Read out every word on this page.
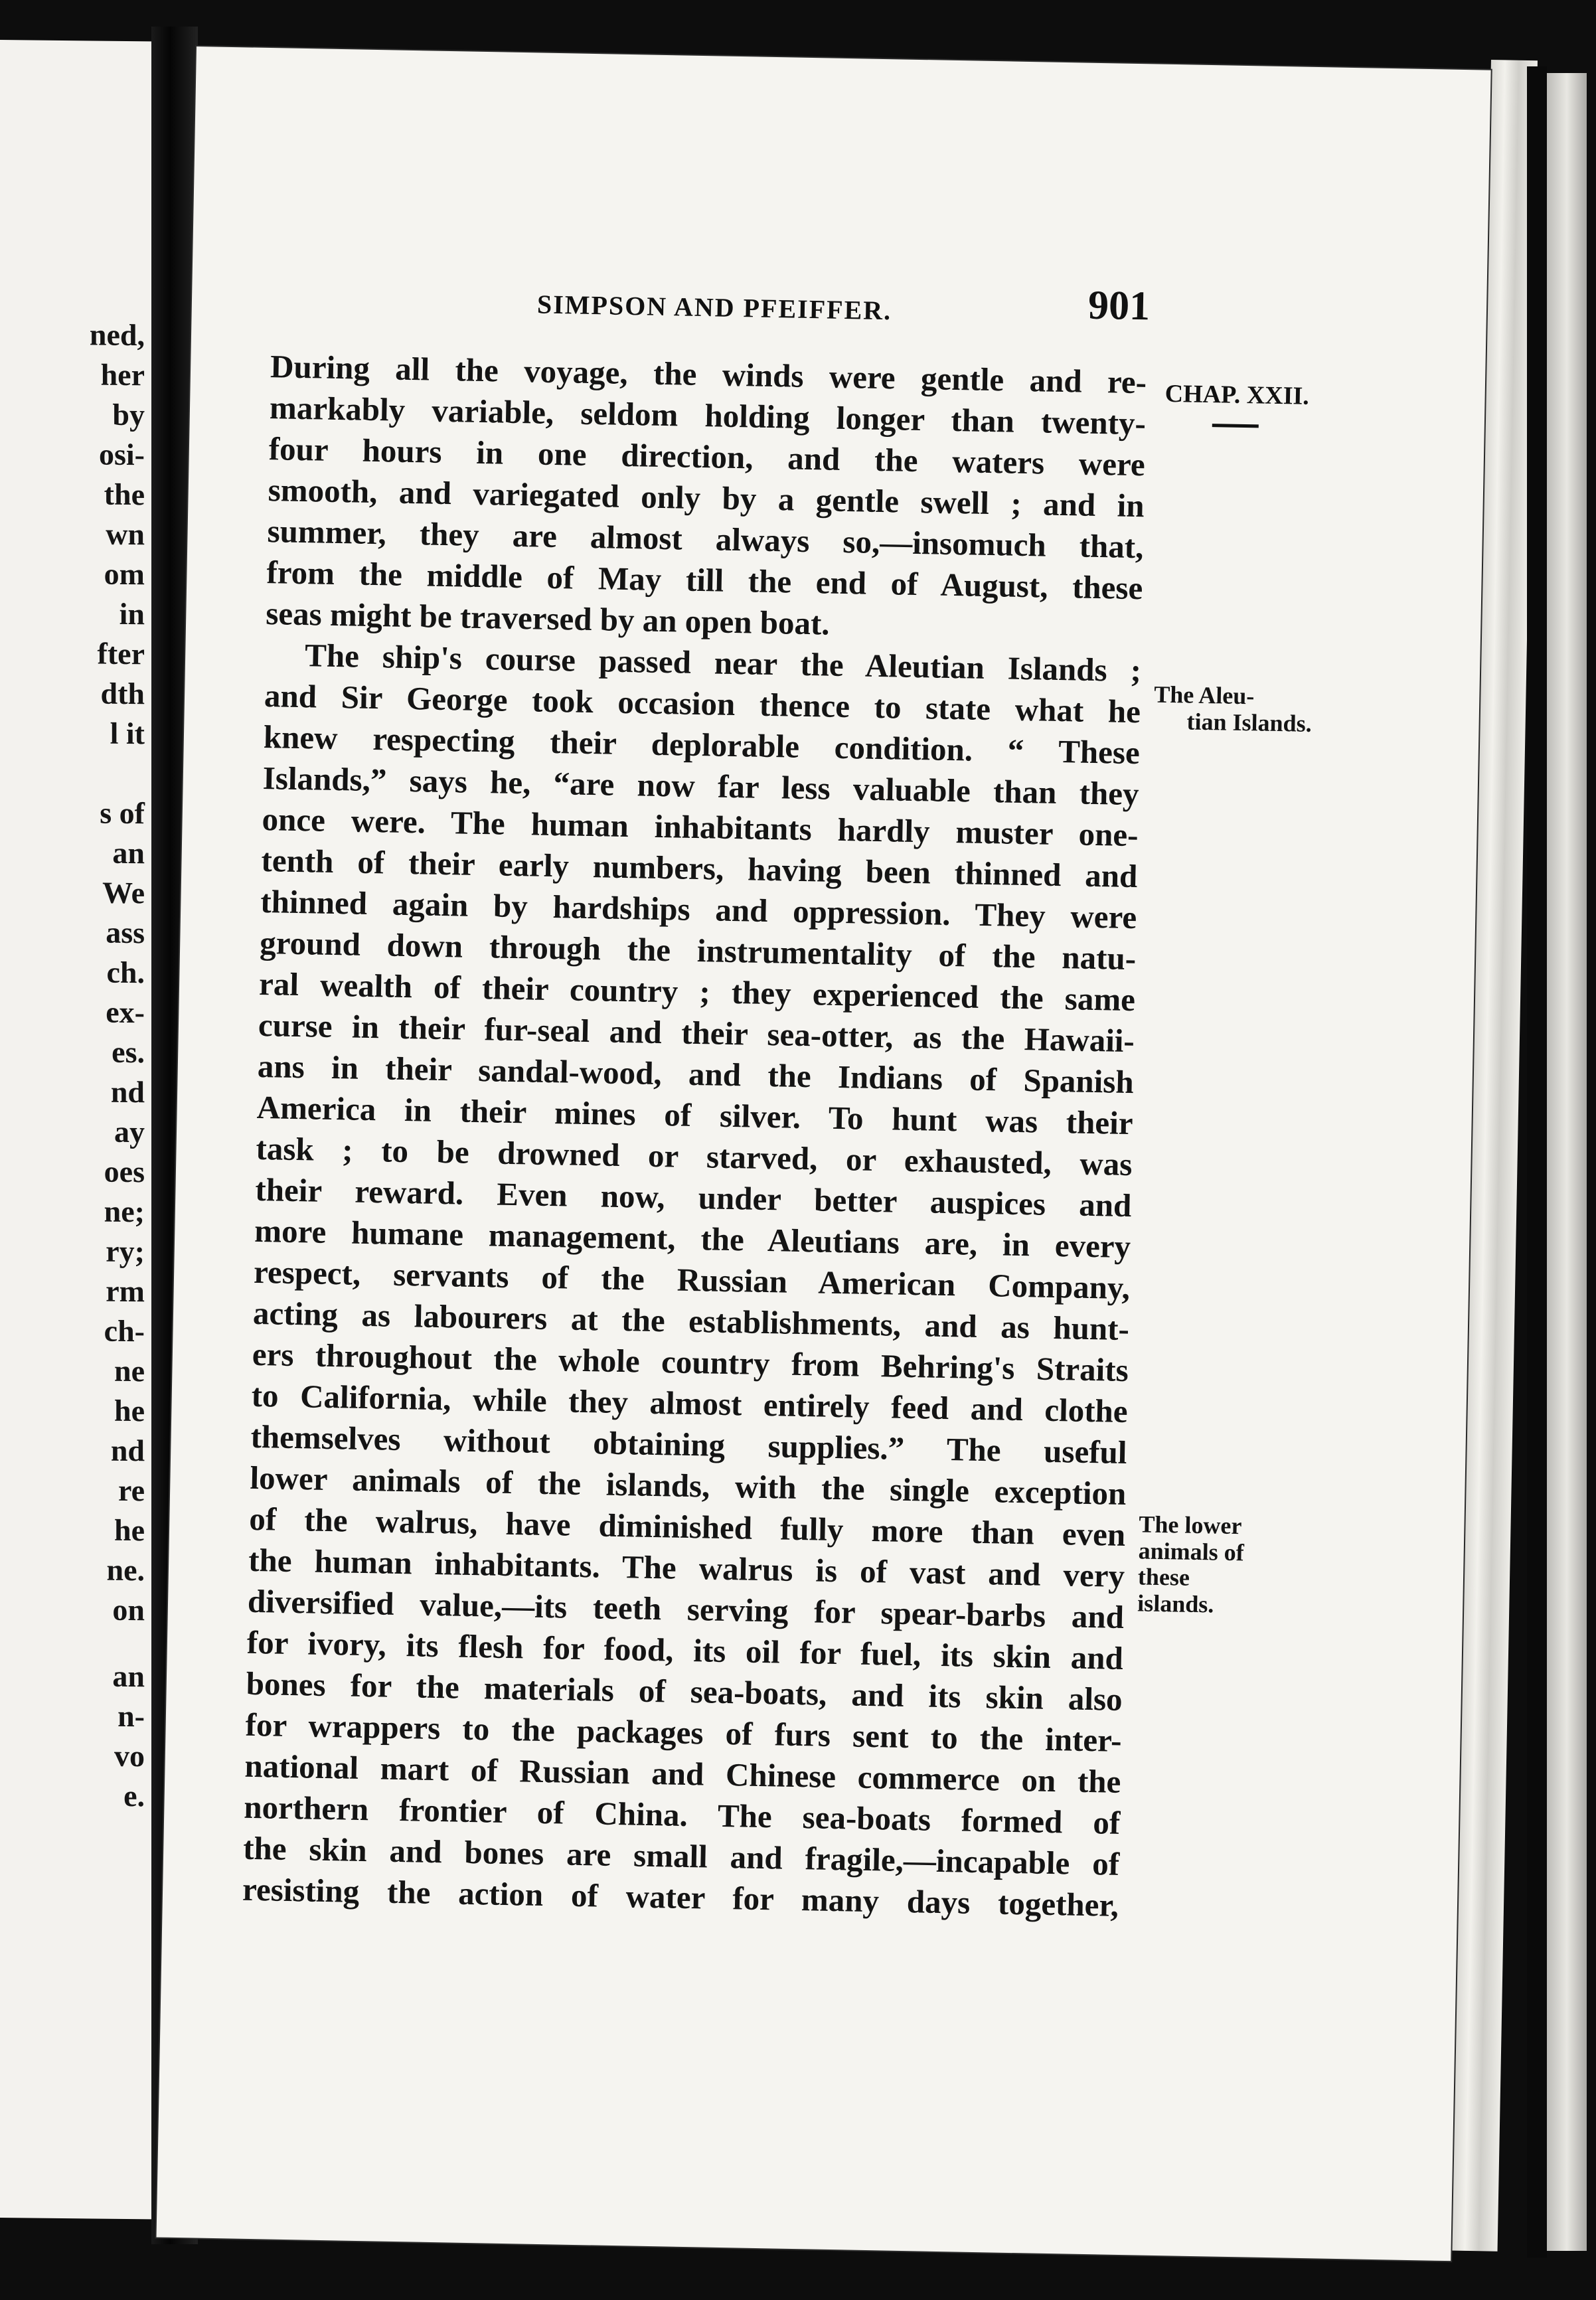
ned,
her
by
osi-
the
wn
om
in
fter
dth
l it
s of
an
We
ass
ch.
ex-
es.
nd
ay
oes
ne;
ry;
rm
ch-
ne
he
nd
re
he
ne.
on
an
n-
vo
e.
SIMPSON AND PFEIFFER.	901
CHAP. XXII.
​
The Aleu-
tian Islands.
The lower
animals of
these
islands.
During all the voyage, the winds were gentle and re-
markably variable, seldom holding longer than twenty-
four hours in one direction, and the waters were
smooth, and variegated only by a gentle swell ; and in
summer, they are almost always so,—insomuch that,
from the middle of May till the end of August, these
seas might be traversed by an open boat.
The ship's course passed near the Aleutian Islands ;
and Sir George took occasion thence to state what he
knew respecting their deplorable condition. “ These
Islands,” says he, “are now far less valuable than they
once were. The human inhabitants hardly muster one-
tenth of their early numbers, having been thinned and
thinned again by hardships and oppression. They were
ground down through the instrumentality of the natu-
ral wealth of their country ; they experienced the same
curse in their fur-seal and their sea-otter, as the Hawaii-
ans in their sandal-wood, and the Indians of Spanish
America in their mines of silver. To hunt was their
task ; to be drowned or starved, or exhausted, was
their reward. Even now, under better auspices and
more humane management, the Aleutians are, in every
respect, servants of the Russian American Company,
acting as labourers at the establishments, and as hunt-
ers throughout the whole country from Behring's Straits
to California, while they almost entirely feed and clothe
themselves without obtaining supplies.” The useful
lower animals of the islands, with the single exception
of the walrus, have diminished fully more than even
the human inhabitants. The walrus is of vast and very
diversified value,—its teeth serving for spear-barbs and
for ivory, its flesh for food, its oil for fuel, its skin and
bones for the materials of sea-boats, and its skin also
for wrappers to the packages of furs sent to the inter-
national mart of Russian and Chinese commerce on the
northern frontier of China. The sea-boats formed of
the skin and bones are small and fragile,—incapable of
resisting the action of water for many days together,
